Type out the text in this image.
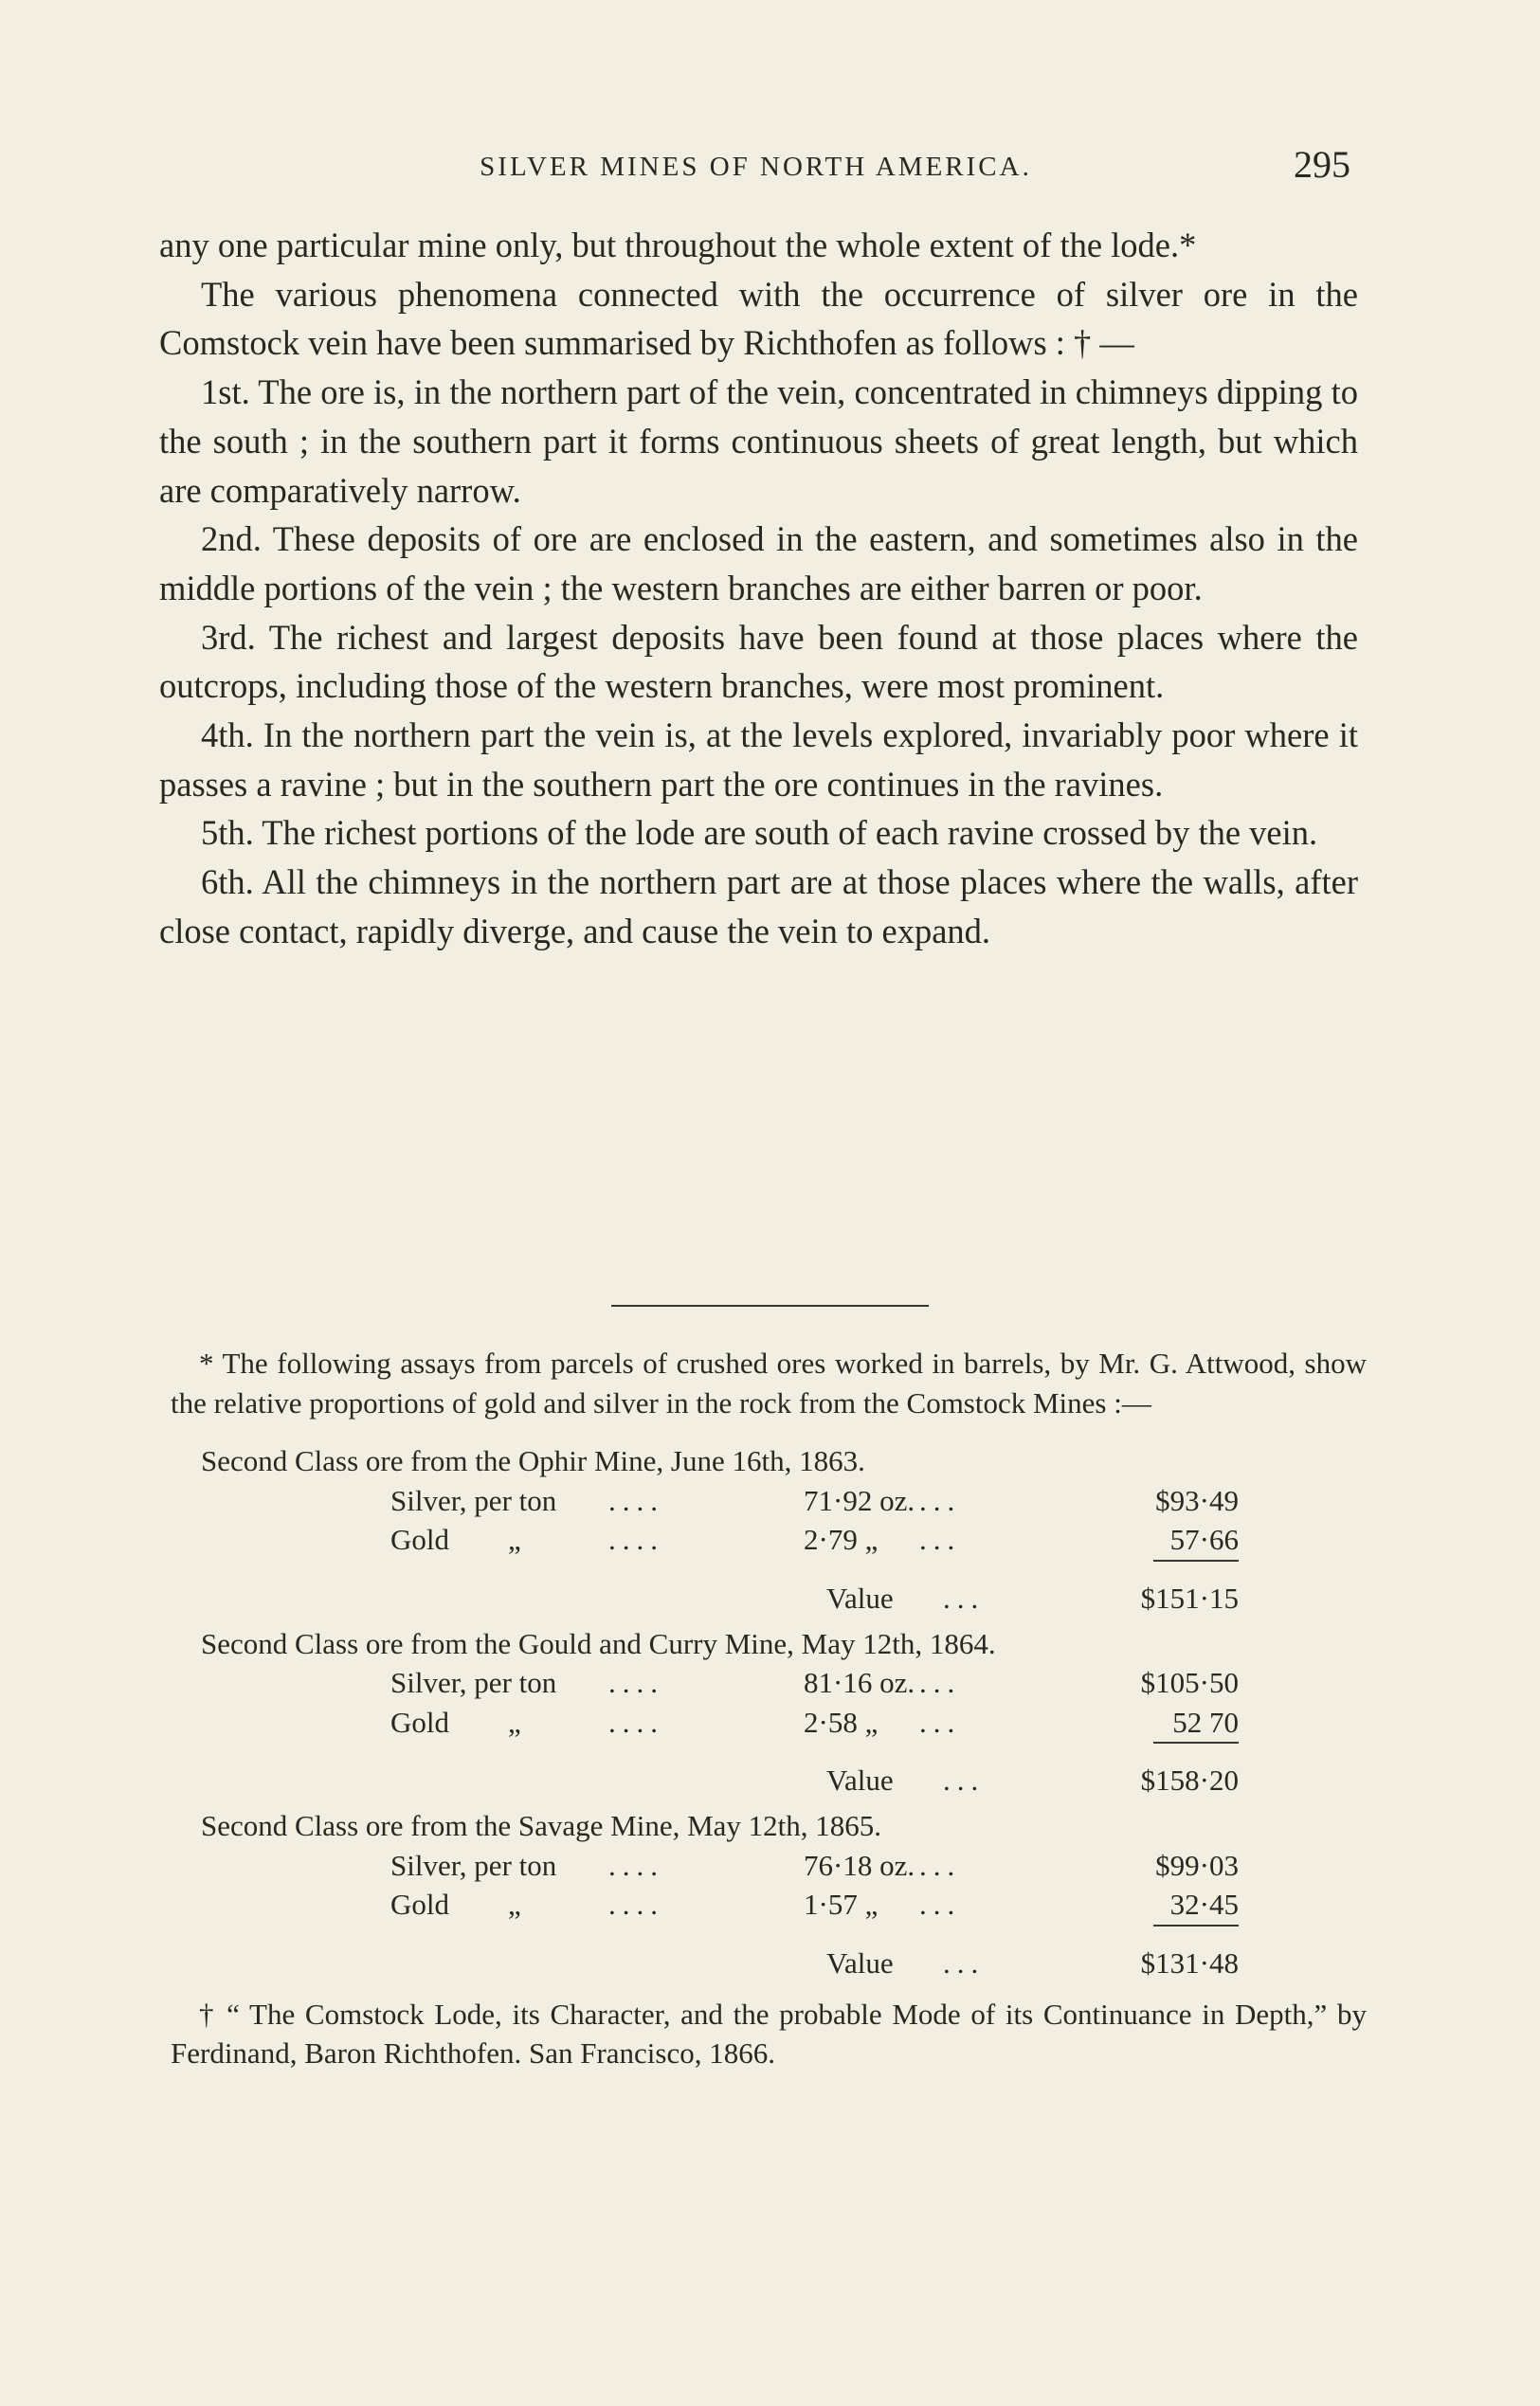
SILVER MINES OF NORTH AMERICA.	295

any one particular mine only, but throughout the whole extent of the lode.*

The various phenomena connected with the occurrence of silver ore in the Comstock vein have been summarised by Richthofen as follows : † —

1st. The ore is, in the northern part of the vein, concentrated in chimneys dipping to the south ; in the southern part it forms continuous sheets of great length, but which are comparatively narrow.

2nd. These deposits of ore are enclosed in the eastern, and sometimes also in the middle portions of the vein ; the western branches are either barren or poor.

3rd. The richest and largest deposits have been found at those places where the outcrops, including those of the western branches, were most prominent.

4th. In the northern part the vein is, at the levels explored, invariably poor where it passes a ravine ; but in the southern part the ore continues in the ravines.

5th. The richest portions of the lode are south of each ravine crossed by the vein.

6th. All the chimneys in the northern part are at those places where the walls, after close contact, rapidly diverge, and cause the vein to expand.

* The following assays from parcels of crushed ores worked in barrels, by Mr. G. Attwood, show the relative proportions of gold and silver in the rock from the Comstock Mines :—

Second Class ore from the Ophir Mine, June 16th, 1863.

Silver, per ton ....	71·92 oz. ...	$93·49
Gold        „	....	2·79 „ ...	57·66
Value ...	$151·15

Second Class ore from the Gould and Curry Mine, May 12th, 1864.

Silver, per ton ....	81·16 oz. ...	$105·50
Gold        „	....	2·58 „ ...	52 70
Value ...	$158·20

Second Class ore from the Savage Mine, May 12th, 1865.

Silver, per ton ....	76·18 oz. ...	$99·03
Gold        „	....	1·57 „ ...	32·45
Value ...	$131·48

† “ The Comstock Lode, its Character, and the probable Mode of its Continuance in Depth,” by Ferdinand, Baron Richthofen. San Francisco, 1866.
